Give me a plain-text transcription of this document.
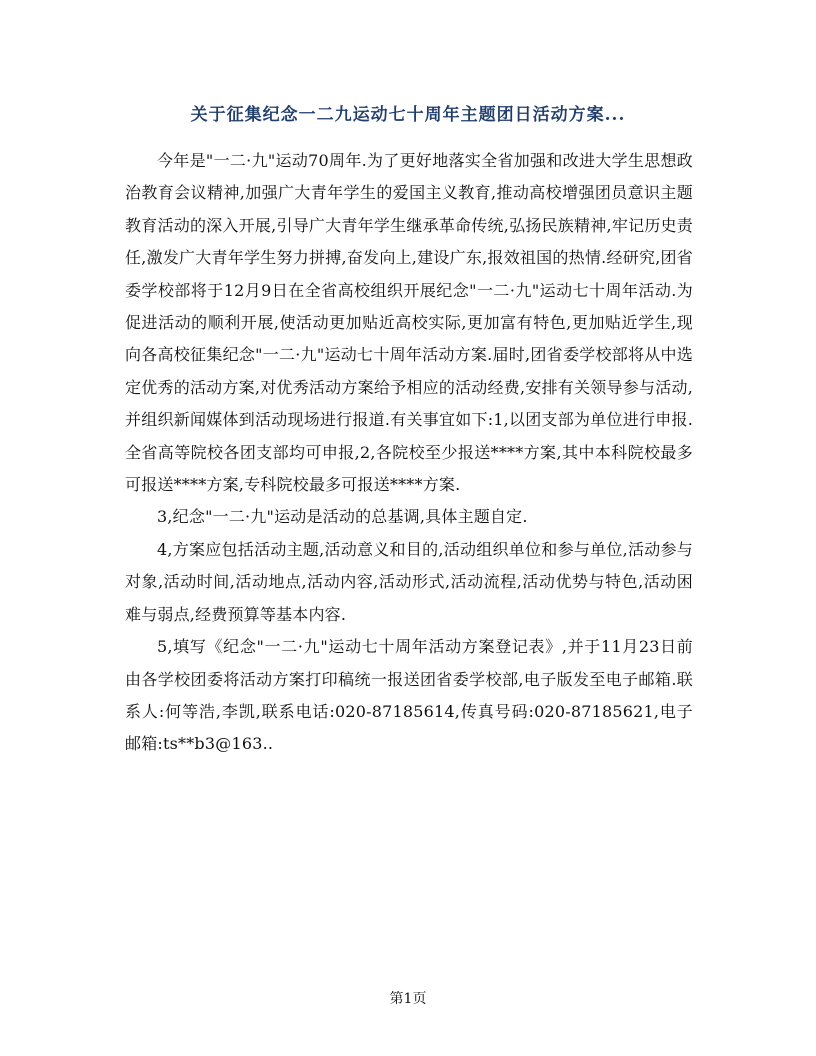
关于征集纪念一二九运动七十周年主题团日活动方案...

今年是"一二·九"运动70周年.为了更好地落实全省加强和改进大学生思想政治教育会议精神,加强广大青年学生的爱国主义教育,推动高校增强团员意识主题教育活动的深入开展,引导广大青年学生继承革命传统,弘扬民族精神,牢记历史责任,激发广大青年学生努力拼搏,奋发向上,建设广东,报效祖国的热情.经研究,团省委学校部将于12月9日在全省高校组织开展纪念"一二·九"运动七十周年活动.为促进活动的顺利开展,使活动更加贴近高校实际,更加富有特色,更加贴近学生,现向各高校征集纪念"一二·九"运动七十周年活动方案.届时,团省委学校部将从中选定优秀的活动方案,对优秀活动方案给予相应的活动经费,安排有关领导参与活动,并组织新闻媒体到活动现场进行报道.有关事宜如下:1,以团支部为单位进行申报.全省高等院校各团支部均可申报,2,各院校至少报送****方案,其中本科院校最多可报送****方案,专科院校最多可报送****方案.

3,纪念"一二·九"运动是活动的总基调,具体主题自定.

4,方案应包括活动主题,活动意义和目的,活动组织单位和参与单位,活动参与对象,活动时间,活动地点,活动内容,活动形式,活动流程,活动优势与特色,活动困难与弱点,经费预算等基本内容.

5,填写《纪念"一二·九"运动七十周年活动方案登记表》,并于11月23日前由各学校团委将活动方案打印稿统一报送团省委学校部,电子版发至电子邮箱.联系人:何等浩,李凯,联系电话:020-87185614,传真号码:020-87185621,电子邮箱:ts**b3@163..

第1页
